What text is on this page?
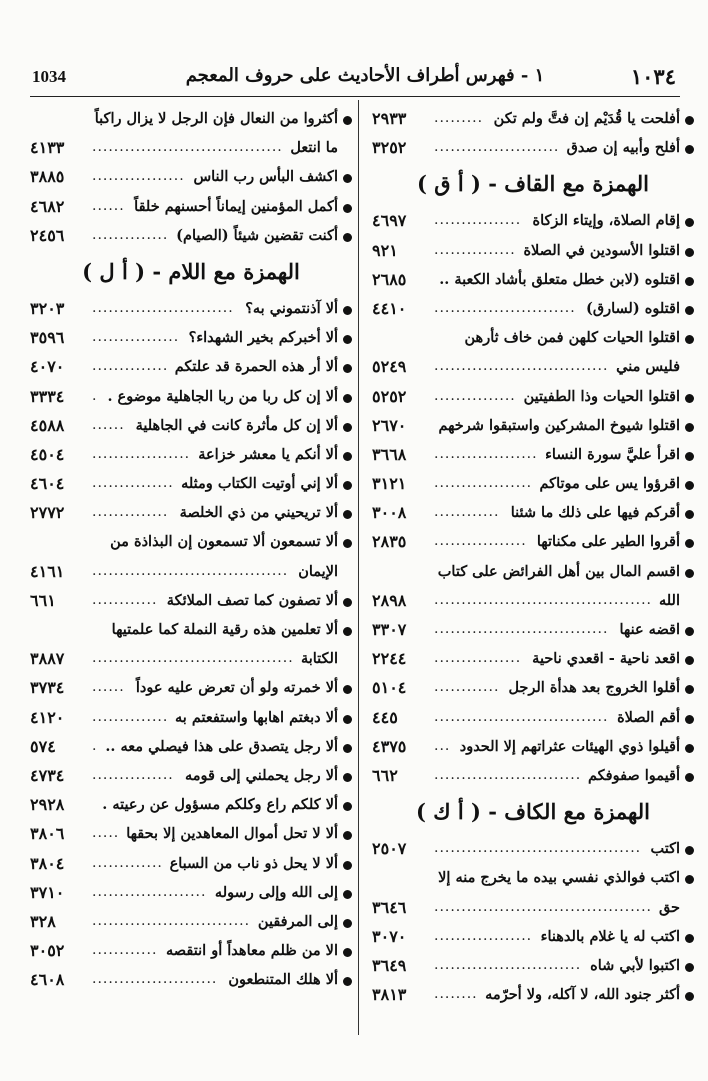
١٠٣٤
١ - فهرس أطراف الأحاديث على حروف المعجم
1034
أفلحت يا قُدَيْم إن فتَّ ولم تكن
.........
٢٩٣٣
أفلح وأبيه إن صدق
.......................
٣٢٥٢
الهمزة مع القاف - ( أ ق )
إقام الصلاة، وإيتاء الزكاة
................
٤٦٩٧
اقتلوا الأسودين في الصلاة
...............
٩٢١
اقتلوه (لابن خطل متعلق بأشاد الكعبة ..
٢٦٨٥
اقتلوه (لسارق)
..........................
٤٤١٠
اقتلوا الحيات كلهن فمن خاف ثأرهن
فليس مني
................................
٥٢٤٩
اقتلوا الحيات وذا الطفيتين
...............
٥٢٥٢
اقتلوا شيوخ المشركين واستبقوا شرخهم
٢٦٧٠
اقرأ عليَّ سورة النساء
...................
٣٦٦٨
اقرؤوا يس على موتاكم
..................
٣١٢١
أقركم فيها على ذلك ما شئنا
............
٣٠٠٨
أقروا الطير على مكناتها
.................
٢٨٣٥
اقسم المال بين أهل الفرائض على كتاب
الله
........................................
٢٨٩٨
اقضه عنها
................................
٣٣٠٧
اقعد ناحية - اقعدي ناحية
................
٢٢٤٤
أقلوا الخروج بعد هدأة الرجل
............
٥١٠٤
أقم الصلاة
................................
٤٤٥
أقيلوا ذوي الهيئات عثراتهم إلا الحدود
...
٤٣٧٥
أقيموا صفوفكم
...........................
٦٦٢
الهمزة مع الكاف - ( أ ك )
اكتب
......................................
٢٥٠٧
اكتب فوالذي نفسي بيده ما يخرج منه إلا
حق
........................................
٣٦٤٦
اكتب له يا غلام بالدهناء
..................
٣٠٧٠
اكتبوا لأبي شاه
...........................
٣٦٤٩
أكثر جنود الله، لا آكله، ولا أحرّمه
........
٣٨١٣
أكثروا من النعال فإن الرجل لا يزال راكباً
ما انتعل
...................................
٤١٣٣
اكشف البأس رب الناس
.................
٣٨٨٥
أكمل المؤمنين إيماناً أحسنهم خلقاً
......
٤٦٨٢
أكنت تقضين شيئاً (الصيام)
..............
٢٤٥٦
الهمزة مع اللام - ( أ ل )
ألا آذنتموني به؟
..........................
٣٢٠٣
ألا أخبركم بخير الشهداء؟
................
٣٥٩٦
ألا أر هذه الحمرة قد علتكم
..............
٤٠٧٠
ألا إن كل ربا من ربا الجاهلية موضوع .
.
٣٣٣٤
ألا إن كل مأثرة كانت في الجاهلية
......
٤٥٨٨
ألا أنكم يا معشر خزاعة
..................
٤٥٠٤
ألا إني أوتيت الكتاب ومثله
...............
٤٦٠٤
ألا تريحيني من ذي الخلصة
..............
٢٧٧٢
ألا تسمعون ألا تسمعون إن البذاذة من
الإيمان
....................................
٤١٦١
ألا تصفون كما تصف الملائكة
............
٦٦١
ألا تعلمين هذه رقية النملة كما علمتيها
الكتابة
.....................................
٣٨٨٧
ألا خمرته ولو أن تعرض عليه عوداً
......
٣٧٣٤
ألا دبغتم اهابها واستفعتم به
..............
٤١٢٠
ألا رجل يتصدق على هذا فيصلي معه ..
.
٥٧٤
ألا رجل يحملني إلى قومه
...............
٤٧٣٤
ألا كلكم راع وكلكم مسؤول عن رعيته .
٢٩٢٨
ألا لا تحل أموال المعاهدين إلا بحقها
.....
٣٨٠٦
ألا لا يحل ذو ناب من السباع
.............
٣٨٠٤
إلى الله وإلى رسوله
.....................
٣٧١٠
إلى المرفقين
.............................
٣٢٨
الا من ظلم معاهداً أو انتقصه
............
٣٠٥٢
ألا هلك المتنطعون
.......................
٤٦٠٨
